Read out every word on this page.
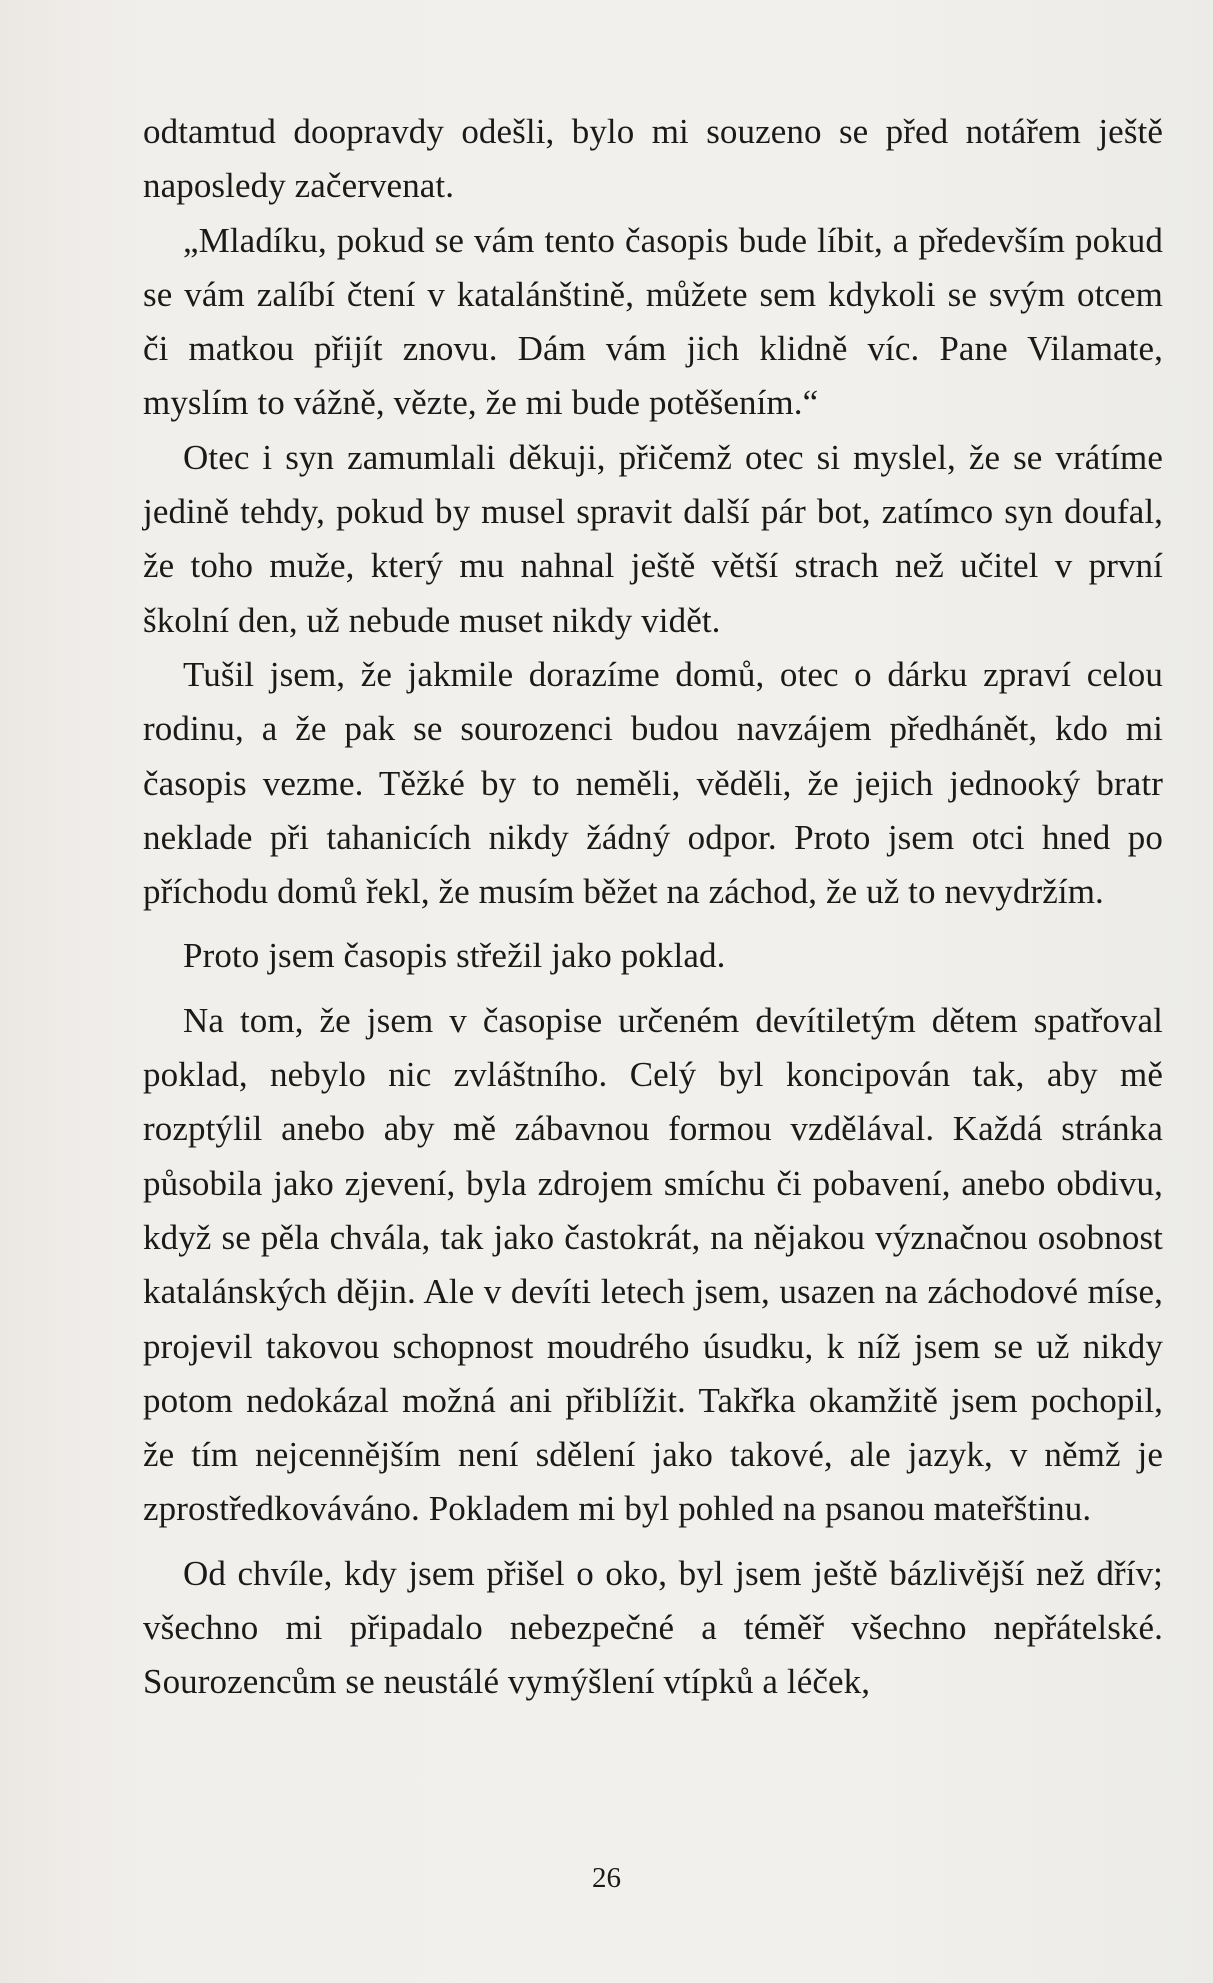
odtamtud doopravdy odešli, bylo mi souzeno se před notářem ještě naposledy začervenat.

„Mladíku, pokud se vám tento časopis bude líbit, a především pokud se vám zalíbí čtení v katalánštině, můžete sem kdykoli se svým otcem či matkou přijít znovu. Dám vám jich klidně víc. Pane Vilamate, myslím to vážně, vězte, že mi bude potěšením.“

Otec i syn zamumlali děkuji, přičemž otec si myslel, že se vrátíme jedině tehdy, pokud by musel spravit další pár bot, zatímco syn doufal, že toho muže, který mu nahnal ještě větší strach než učitel v první školní den, už nebude muset nikdy vidět.

Tušil jsem, že jakmile dorazíme domů, otec o dárku zpraví celou rodinu, a že pak se sourozenci budou navzájem předhánět, kdo mi časopis vezme. Těžké by to neměli, věděli, že jejich jednooký bratr neklade při tahanicích nikdy žádný odpor. Proto jsem otci hned po příchodu domů řekl, že musím běžet na záchod, že už to nevydržím.

Proto jsem časopis střežil jako poklad.

Na tom, že jsem v časopise určeném devítiletým dětem spatřoval poklad, nebylo nic zvláštního. Celý byl koncipován tak, aby mě rozptýlil anebo aby mě zábavnou formou vzdělával. Každá stránka působila jako zjevení, byla zdrojem smíchu či pobavení, anebo obdivu, když se pěla chvála, tak jako častokrát, na nějakou význačnou osobnost katalánských dějin. Ale v devíti letech jsem, usazen na záchodové míse, projevil takovou schopnost moudrého úsudku, k níž jsem se už nikdy potom nedokázal možná ani přiblížit. Takřka okamžitě jsem pochopil, že tím nejcennějším není sdělení jako takové, ale jazyk, v němž je zprostředkováváno. Pokladem mi byl pohled na psanou mateřštinu.

Od chvíle, kdy jsem přišel o oko, byl jsem ještě bázlivější než dřív; všechno mi připadalo nebezpečné a téměř všechno nepřátelské. Sourozencům se neustálé vymýšlení vtípků a léček,

26
